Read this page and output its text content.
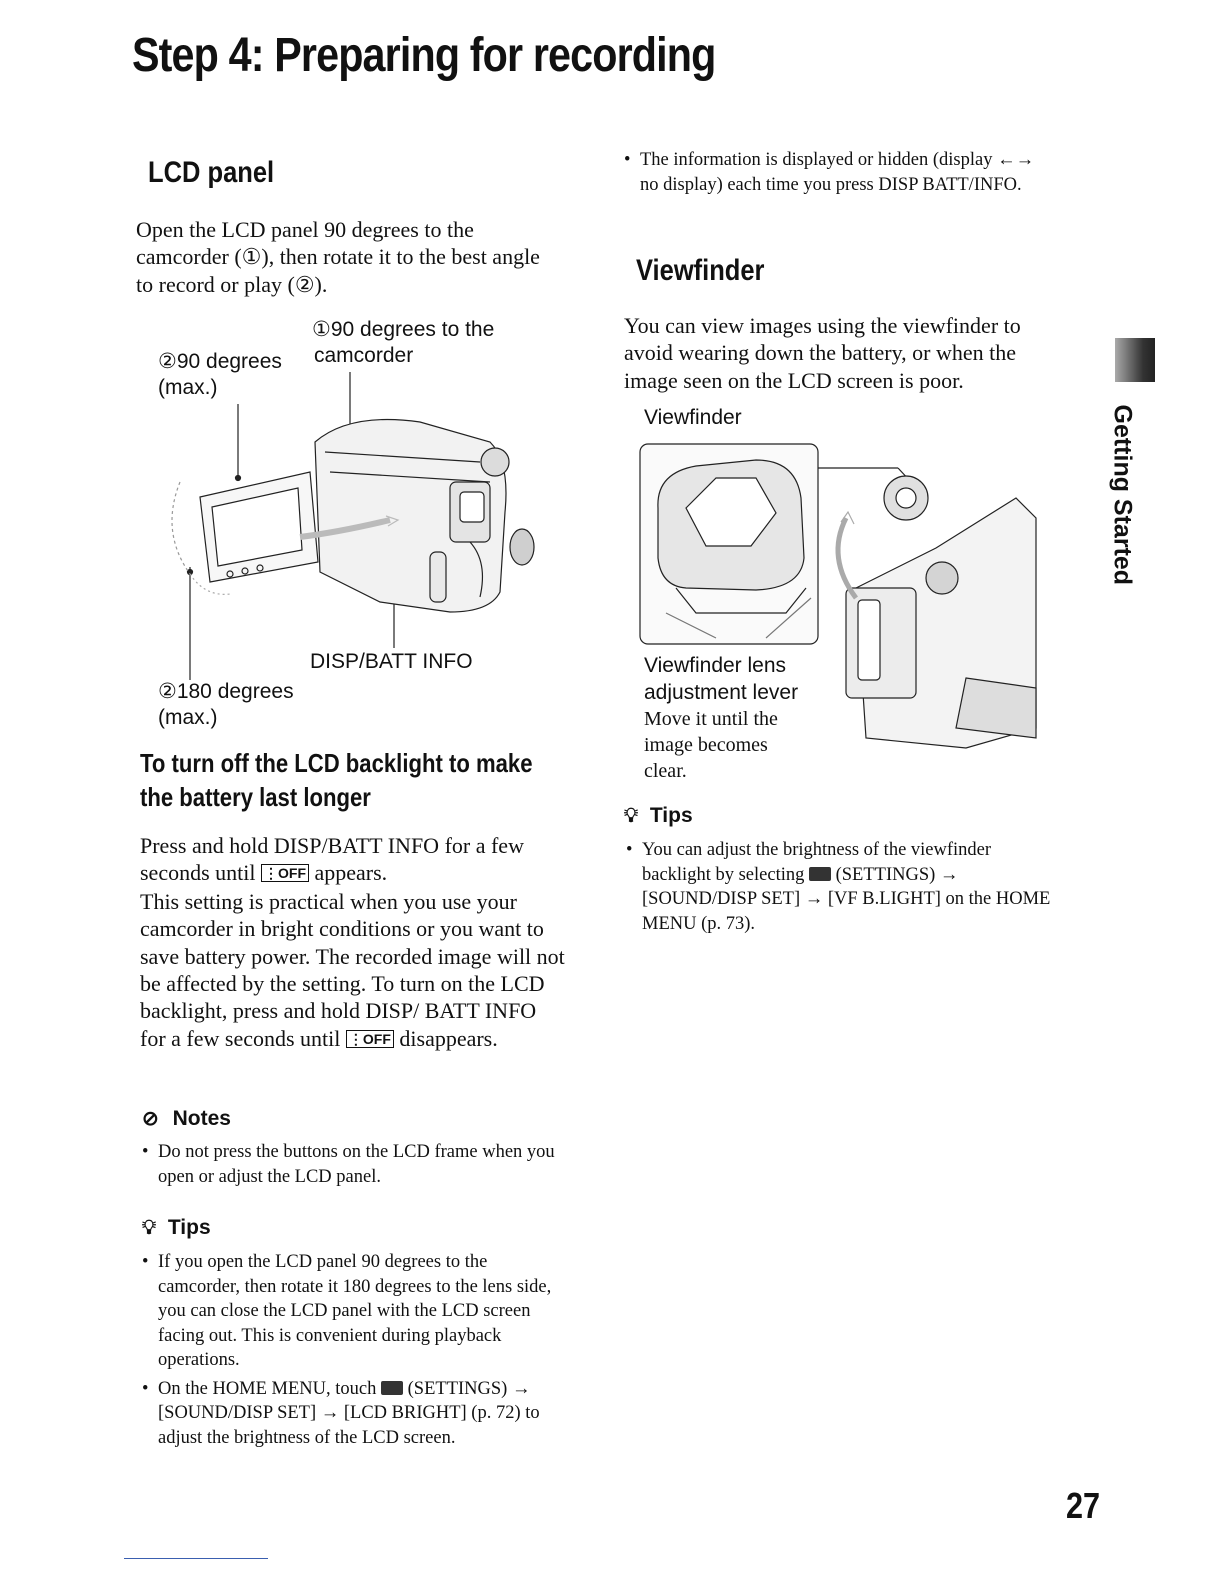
Step 4: Preparing for recording
LCD panel
Open the LCD panel 90 degrees to the camcorder (①), then rotate it to the best angle to record or play (②).
①90 degrees to the
camcorder
②90 degrees
(max.)
DISP/BATT INFO
②180 degrees
(max.)
To turn off the LCD backlight to make
the battery last longer
Press and hold DISP/BATT INFO for a few seconds until ⋮OFF appears.
This setting is practical when you use your camcorder in bright conditions or you want to save battery power. The recorded image will not be affected by the setting. To turn on the LCD backlight, press and hold DISP/ BATT INFO for a few seconds until ⋮OFF disappears.
⊘ Notes
• Do not press the buttons on the LCD frame when you open or adjust the LCD panel.
💡︎ Tips
• If you open the LCD panel 90 degrees to the camcorder, then rotate it 180 degrees to the lens side, you can close the LCD panel with the LCD screen facing out. This is convenient during playback operations.
• On the HOME MENU, touch (SETTINGS) → [SOUND/DISP SET] → [LCD BRIGHT] (p. 72) to adjust the brightness of the LCD screen.
• The information is displayed or hidden (display ←→ no display) each time you press DISP BATT/INFO.
Viewfinder
You can view images using the viewfinder to avoid wearing down the battery, or when the image seen on the LCD screen is poor.
Viewfinder
Viewfinder lens
adjustment lever
Move it until the image becomes clear.
💡︎ Tips
• You can adjust the brightness of the viewfinder backlight by selecting (SETTINGS) → [SOUND/DISP SET] → [VF B.LIGHT] on the HOME MENU (p. 73).
Getting Started
27
